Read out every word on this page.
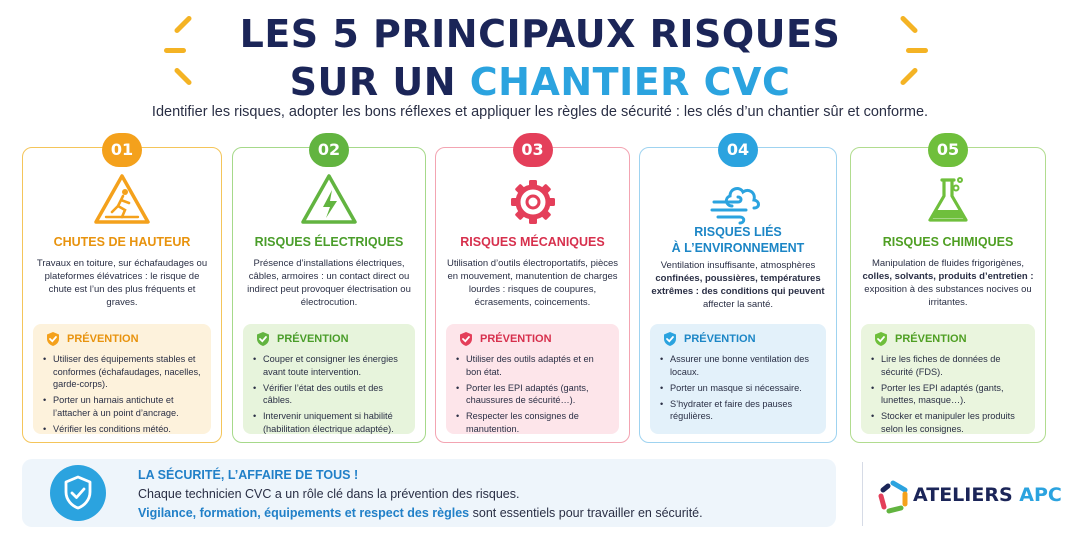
LES 5 PRINCIPAUX RISQUES
SUR UN CHANTIER CVC
Identifier les risques, adopter les bons réflexes et appliquer les règles de sécurité : les clés d’un chantier sûr et conforme.
01
CHUTES DE HAUTEUR
Travaux en toiture, sur échafaudages ou plateformes élévatrices : le risque de chute est l’un des plus fréquents et graves.
PRÉVENTION
• Utiliser des équipements stables et conformes (échafaudages, nacelles, garde-corps).
• Porter un harnais antichute et l’attacher à un point d’ancrage.
• Vérifier les conditions météo.
02
RISQUES ÉLECTRIQUES
Présence d’installations électriques, câbles, armoires : un contact direct ou indirect peut provoquer électrisation ou électrocution.
PRÉVENTION
• Couper et consigner les énergies avant toute intervention.
• Vérifier l’état des outils et des câbles.
• Intervenir uniquement si habilité (habilitation électrique adaptée).
03
RISQUES MÉCANIQUES
Utilisation d’outils électroportatifs, pièces en mouvement, manutention de charges lourdes : risques de coupures, écrasements, coincements.
PRÉVENTION
• Utiliser des outils adaptés et en bon état.
• Porter les EPI adaptés (gants, chaussures de sécurité…).
• Respecter les consignes de manutention.
04
RISQUES LIÉS
À L’ENVIRONNEMENT
Ventilation insuffisante, atmosphères confinées, poussières, températures extrêmes : des conditions qui peuvent affecter la santé.
PRÉVENTION
• Assurer une bonne ventilation des locaux.
• Porter un masque si nécessaire.
• S’hydrater et faire des pauses régulières.
05
RISQUES CHIMIQUES
Manipulation de fluides frigorigènes, colles, solvants, produits d’entretien : exposition à des substances nocives ou irritantes.
PRÉVENTION
• Lire les fiches de données de sécurité (FDS).
• Porter les EPI adaptés (gants, lunettes, masque…).
• Stocker et manipuler les produits selon les consignes.
LA SÉCURITÉ, L’AFFAIRE DE TOUS !
Chaque technicien CVC a un rôle clé dans la prévention des risques.
Vigilance, formation, équipements et respect des règles sont essentiels pour travailler en sécurité.
ATELIERS APC
